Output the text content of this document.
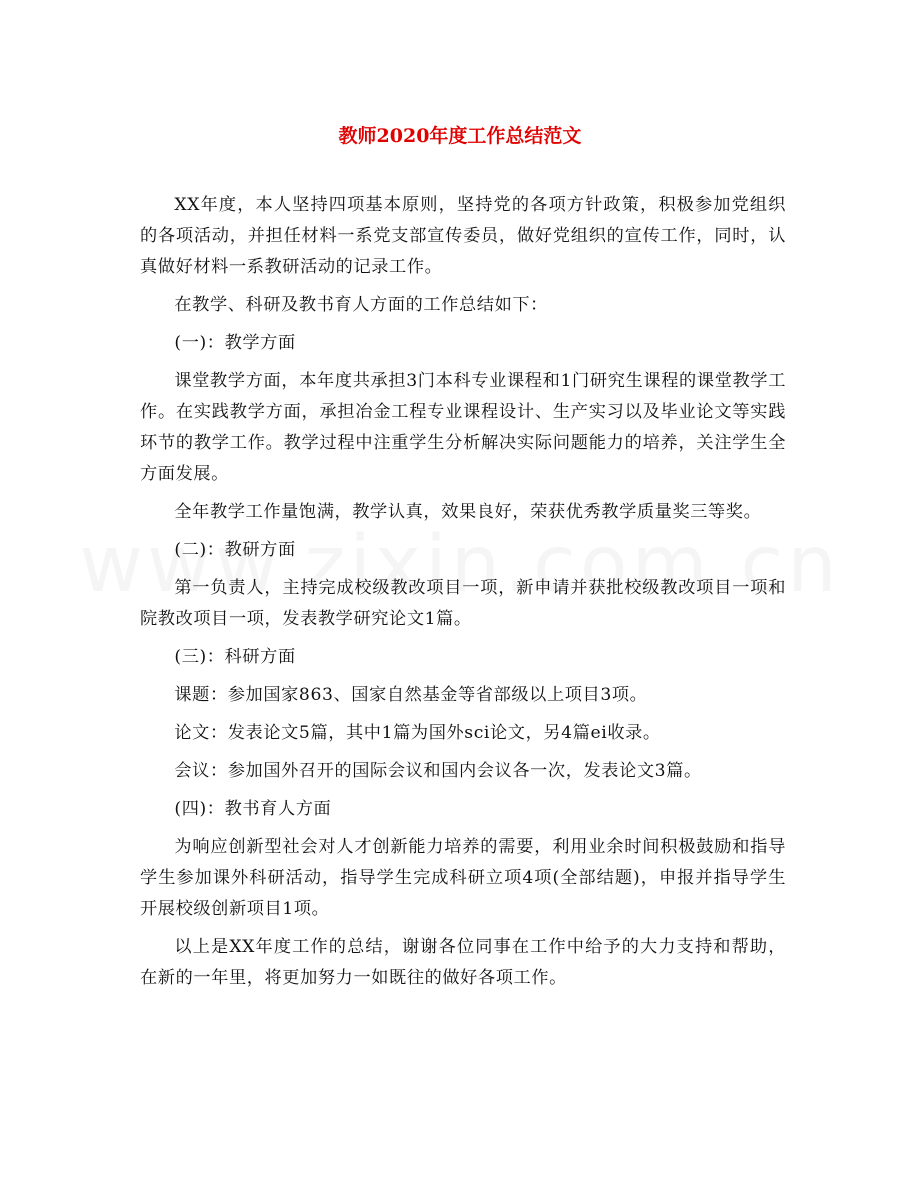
教师2020年度工作总结范文

XX年度，本人坚持四项基本原则，坚持党的各项方针政策，积极参加党组织的各项活动，并担任材料一系党支部宣传委员，做好党组织的宣传工作，同时，认真做好材料一系教研活动的记录工作。

在教学、科研及教书育人方面的工作总结如下：

(一)：教学方面

课堂教学方面，本年度共承担3门本科专业课程和1门研究生课程的课堂教学工作。在实践教学方面，承担冶金工程专业课程设计、生产实习以及毕业论文等实践环节的教学工作。教学过程中注重学生分析解决实际问题能力的培养，关注学生全方面发展。

全年教学工作量饱满，教学认真，效果良好，荣获优秀教学质量奖三等奖。

(二)：教研方面

第一负责人，主持完成校级教改项目一项，新申请并获批校级教改项目一项和院教改项目一项，发表教学研究论文1篇。

(三)：科研方面

课题：参加国家863、国家自然基金等省部级以上项目3项。

论文：发表论文5篇，其中1篇为国外sci论文，另4篇ei收录。

会议：参加国外召开的国际会议和国内会议各一次，发表论文3篇。

(四)：教书育人方面

为响应创新型社会对人才创新能力培养的需要，利用业余时间积极鼓励和指导学生参加课外科研活动，指导学生完成科研立项4项(全部结题)，申报并指导学生开展校级创新项目1项。

以上是XX年度工作的总结，谢谢各位同事在工作中给予的大力支持和帮助，在新的一年里，将更加努力一如既往的做好各项工作。
